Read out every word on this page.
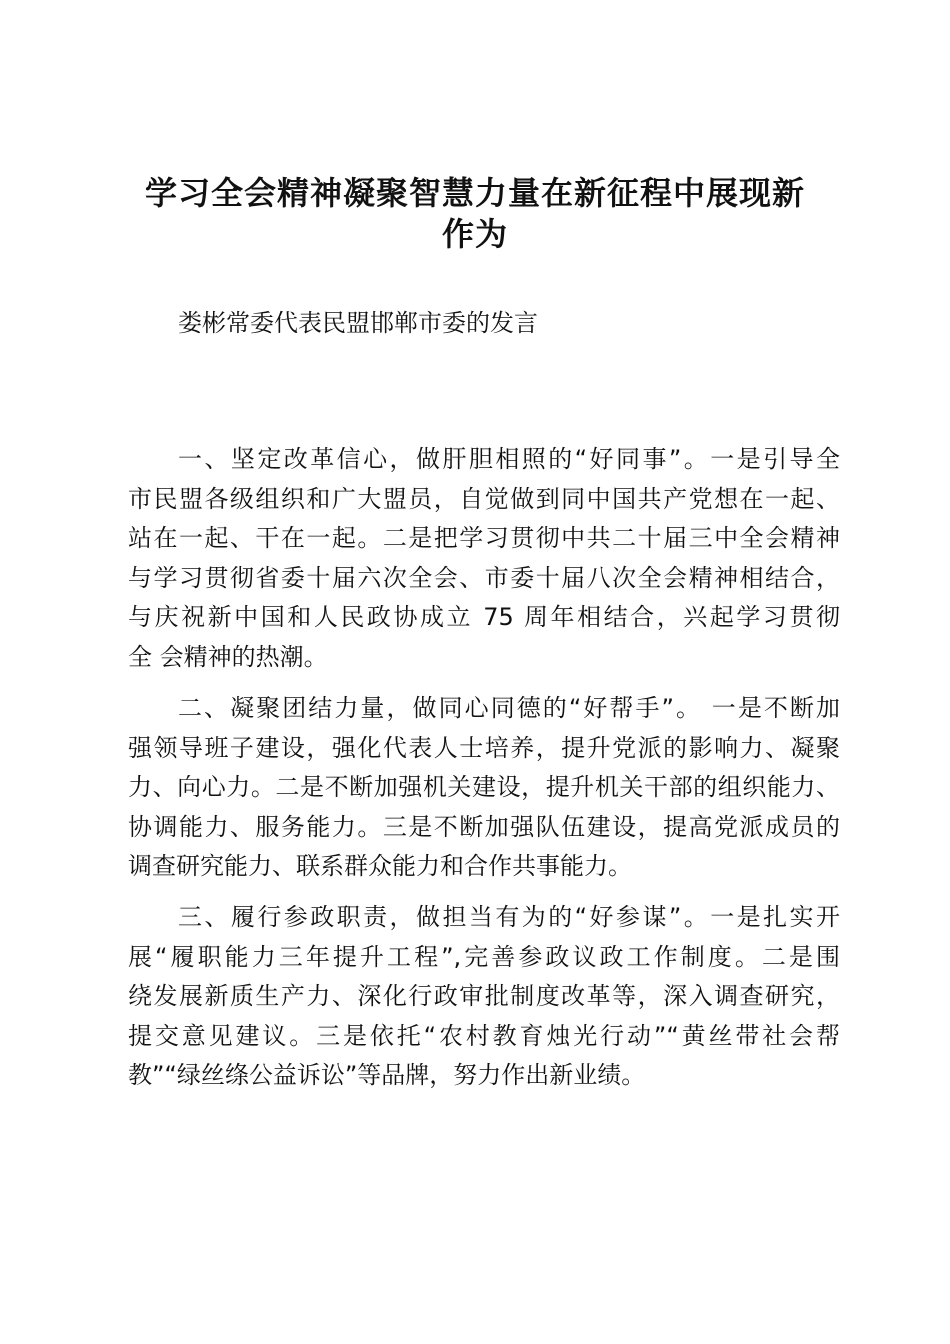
学习全会精神凝聚智慧力量在新征程中展现新
作为

娄彬常委代表民盟邯郸市委的发言

一、坚定改革信心，做肝胆相照的“好同事”。一是引导全
市民盟各级组织和广大盟员，自觉做到同中国共产党想在一起、
站在一起、干在一起。二是把学习贯彻中共二十届三中全会精神
与学习贯彻省委十届六次全会、市委十届八次全会精神相结合，
与庆祝新中国和人民政协成立 75 周年相结合，兴起学习贯彻
全 会精神的热潮。
二、凝聚团结力量，做同心同德的“好帮手”。 一是不断加
强领导班子建设，强化代表人士培养，提升党派的影响力、凝聚
力、向心力。二是不断加强机关建设，提升机关干部的组织能力、
协调能力、服务能力。三是不断加强队伍建设，提高党派成员的
调查研究能力、联系群众能力和合作共事能力。
三、履行参政职责，做担当有为的“好参谋”。一是扎实开
展“履职能力三年提升工程”,完善参政议政工作制度。二是围
绕发展新质生产力、深化行政审批制度改革等，深入调查研究，
提交意见建议。三是依托“农村教育烛光行动”“黄丝带社会帮
教”“绿丝绦公益诉讼”等品牌，努力作出新业绩。
